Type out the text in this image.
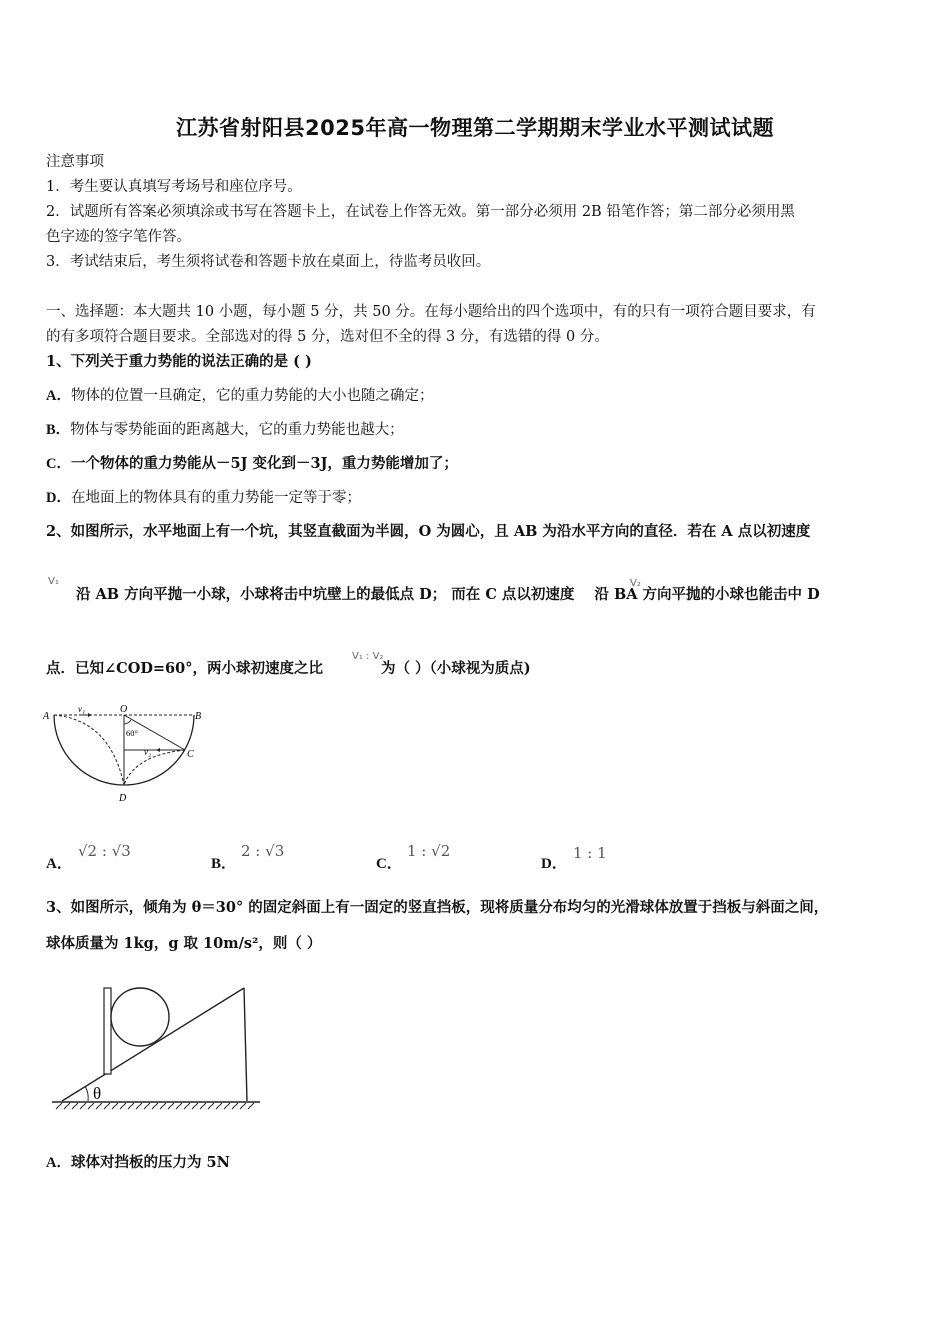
江苏省射阳县2025年高一物理第二学期期末学业水平测试试题
注意事项
1．考生要认真填写考场号和座位序号。
2．试题所有答案必须填涂或书写在答题卡上，在试卷上作答无效。第一部分必须用 2B 铅笔作答；第二部分必须用黑
色字迹的签字笔作答。
3．考试结束后，考生须将试卷和答题卡放在桌面上，待监考员收回。
一、选择题：本大题共 10 小题，每小题 5 分，共 50 分。在每小题给出的四个选项中，有的只有一项符合题目要求，有
的有多项符合题目要求。全部选对的得 5 分，选对但不全的得 3 分，有选错的得 0 分。
1、下列关于重力势能的说法正确的是 ( )
A．物体的位置一旦确定，它的重力势能的大小也随之确定；
B．物体与零势能面的距离越大，它的重力势能也越大；
C．一个物体的重力势能从－5J 变化到－3J，重力势能增加了；
D．在地面上的物体具有的重力势能一定等于零；
2、如图所示，水平地面上有一个坑，其竖直截面为半圆，O 为圆心，且 AB 为沿水平方向的直径．若在 A 点以初速度
V₁
沿 AB 方向平抛一小球，小球将击中坑壁上的最低点 D； 而在 C 点以初速度 沿 BA 方向平抛的小球也能击中 D
V₂
点．已知∠COD=60°，两小球初速度之比	为（ ）（小球视为质点)
V₁ : V₂
A	B
O
C
D
v₁
v₂
60°
A．
√2 : √3
B．
2 : √3
C．
1 : √2
D．
1 : 1
3、如图所示，倾角为 θ＝30° 的固定斜面上有一固定的竖直挡板，现将质量分布均匀的光滑球体放置于挡板与斜面之间，
球体质量为 1kg，g 取 10m/s²，则（ ）
θ
A．球体对挡板的压力为 5N
